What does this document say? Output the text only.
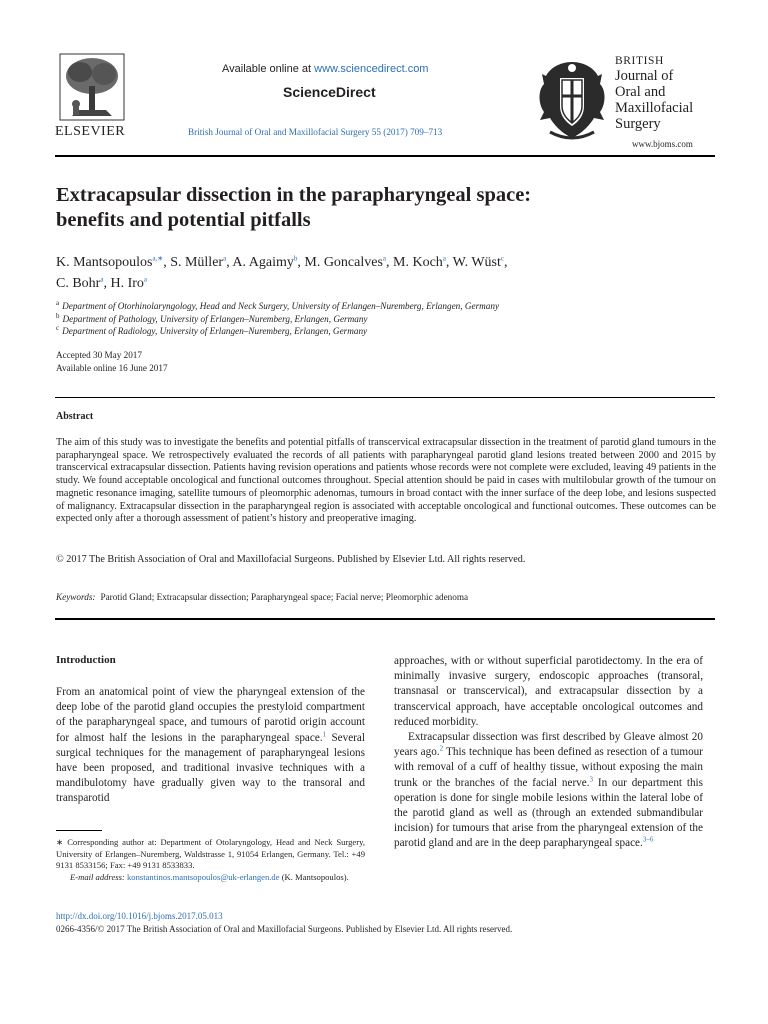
ELSEVIER
Available online at www.sciencedirect.com
ScienceDirect
British Journal of Oral and Maxillofacial Surgery 55 (2017) 709–713
BRITISH
Journal of
Oral and
Maxillofacial
Surgery
www.bjoms.com
Extracapsular dissection in the parapharyngeal space:
benefits and potential pitfalls
K. Mantsopoulos$^{a,∗}$, S. Müller$^a$, A. Agaimy$^b$, M. Goncalves$^a$, M. Koch$^a$, W. Wüst$^c$,
C. Bohr$^a$, H. Iro$^a$
$^a$ Department of Otorhinolaryngology, Head and Neck Surgery, University of Erlangen–Nuremberg, Erlangen, Germany
$^b$ Department of Pathology, University of Erlangen–Nuremberg, Erlangen, Germany
$^c$ Department of Radiology, University of Erlangen–Nuremberg, Erlangen, Germany
Accepted 30 May 2017
Available online 16 June 2017
Abstract
The aim of this study was to investigate the benefits and potential pitfalls of transcervical extracapsular dissection in the treatment of parotid gland tumours in the parapharyngeal space. We retrospectively evaluated the records of all patients with parapharyngeal parotid gland lesions treated between 2000 and 2015 by transcervical extracapsular dissection. Patients having revision operations and patients whose records were not complete were excluded, leaving 49 patients in the study. We found acceptable oncological and functional outcomes throughout. Special attention should be paid in cases with multilobular growth of the tumour on magnetic resonance imaging, satellite tumours of pleomorphic adenomas, tumours in broad contact with the inner surface of the deep lobe, and lesions suspected of malignancy. Extracapsular dissection in the parapharyngeal region is associated with acceptable oncological and functional outcomes. These outcomes can be expected only after a thorough assessment of patient’s history and preoperative imaging.
© 2017 The British Association of Oral and Maxillofacial Surgeons. Published by Elsevier Ltd. All rights reserved.
Keywords: Parotid Gland; Extracapsular dissection; Parapharyngeal space; Facial nerve; Pleomorphic adenoma
Introduction

From an anatomical point of view the pharyngeal extension of the deep lobe of the parotid gland occupies the prestyloid compartment of the parapharyngeal space, and tumours of parotid origin account for almost half the lesions in the parapharyngeal space.$^1$ Several surgical techniques for the management of parapharyngeal lesions have been proposed, and traditional invasive techniques with a mandibulotomy have gradually given way to the transoral and transparotid

approaches, with or without superficial parotidectomy. In the era of minimally invasive surgery, endoscopic approaches (transoral, transnasal or transcervical), and extracapsular dissection by a transcervical approach, have acceptable oncological outcomes and reduced morbidity.

Extracapsular dissection was first described by Gleave almost 20 years ago.$^2$ This technique has been defined as resection of a tumour with removal of a cuff of healthy tissue, without exposing the main trunk or the branches of the facial nerve.$^3$ In our department this operation is done for single mobile lesions within the lateral lobe of the parotid gland as well as (through an extended submandibular incision) for tumours that arise from the pharyngeal extension of the parotid gland and are in the deep parapharyngeal space.$^{3-6}$

∗ Corresponding author at: Department of Otolaryngology, Head and Neck Surgery, University of Erlangen–Nuremberg, Waldstrasse 1, 91054 Erlangen, Germany. Tel.: +49 9131 8533156; Fax: +49 9131 8533833.
E-mail address: konstantinos.mantsopoulos@uk-erlangen.de (K. Mantsopoulos).
http://dx.doi.org/10.1016/j.bjoms.2017.05.013
0266-4356/© 2017 The British Association of Oral and Maxillofacial Surgeons. Published by Elsevier Ltd. All rights reserved.
